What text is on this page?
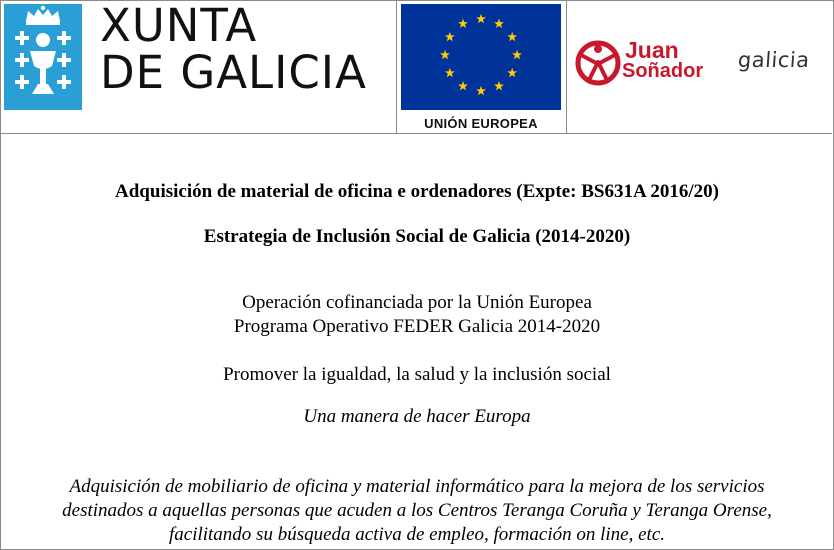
XUNTA
DE GALICIA
UNIÓN EUROPEA
Juan
Soñador galicia
Adquisición de material de oficina e ordenadores (Expte: BS631A 2016/20)
Estrategia de Inclusión Social de Galicia (2014-2020)
Operación cofinanciada por la Unión Europea
Programa Operativo FEDER Galicia 2014-2020
Promover la igualdad, la salud y la inclusión social
Una manera de hacer Europa
Adquisición de mobiliario de oficina y material informático para la mejora de los servicios
destinados a aquellas personas que acuden a los Centros Teranga Coruña y Teranga Orense,
facilitando su búsqueda activa de empleo, formación on line, etc.
